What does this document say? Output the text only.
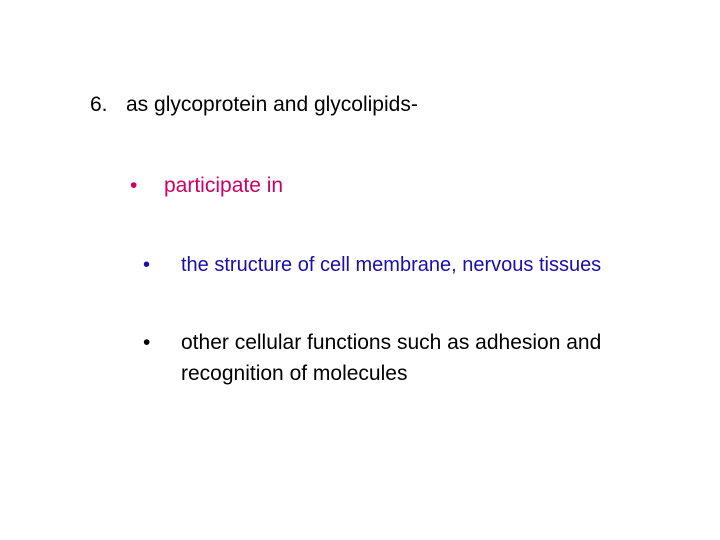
6. as glycoprotein and glycolipids-
•	participate in
•	the structure of cell membrane, nervous tissues
•	other cellular functions such as adhesion and recognition of molecules
